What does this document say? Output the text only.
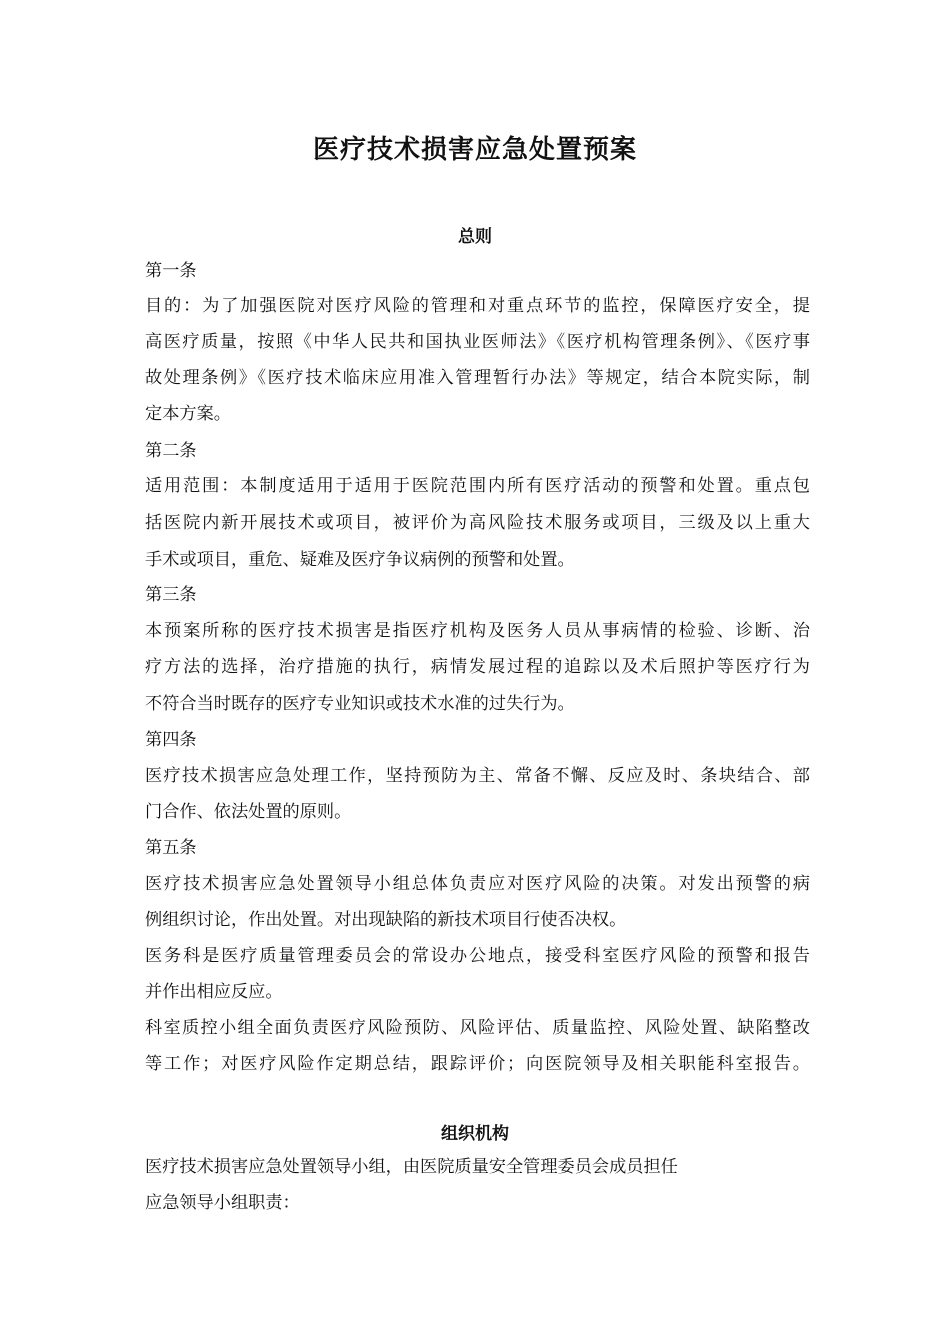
医疗技术损害应急处置预案
总则
第一条
目的：为了加强医院对医疗风险的管理和对重点环节的监控，保障医疗安全，提
高医疗质量，按照《中华人民共和国执业医师法》《医疗机构管理条例》、《医疗事
故处理条例》《医疗技术临床应用准入管理暂行办法》等规定，结合本院实际，制
定本方案。
第二条
适用范围：本制度适用于适用于医院范围内所有医疗活动的预警和处置。重点包
括医院内新开展技术或项目，被评价为高风险技术服务或项目，三级及以上重大
手术或项目，重危、疑难及医疗争议病例的预警和处置。
第三条
本预案所称的医疗技术损害是指医疗机构及医务人员从事病情的检验、诊断、治
疗方法的选择，治疗措施的执行，病情发展过程的追踪以及术后照护等医疗行为
不符合当时既存的医疗专业知识或技术水准的过失行为。
第四条
医疗技术损害应急处理工作，坚持预防为主、常备不懈、反应及时、条块结合、部
门合作、依法处置的原则。
第五条
医疗技术损害应急处置领导小组总体负责应对医疗风险的决策。对发出预警的病
例组织讨论，作出处置。对出现缺陷的新技术项目行使否决权。
医务科是医疗质量管理委员会的常设办公地点，接受科室医疗风险的预警和报告
并作出相应反应。
科室质控小组全面负责医疗风险预防、风险评估、质量监控、风险处置、缺陷整改
等工作；对医疗风险作定期总结，跟踪评价；向医院领导及相关职能科室报告。
组织机构
医疗技术损害应急处置领导小组，由医院质量安全管理委员会成员担任
应急领导小组职责：
